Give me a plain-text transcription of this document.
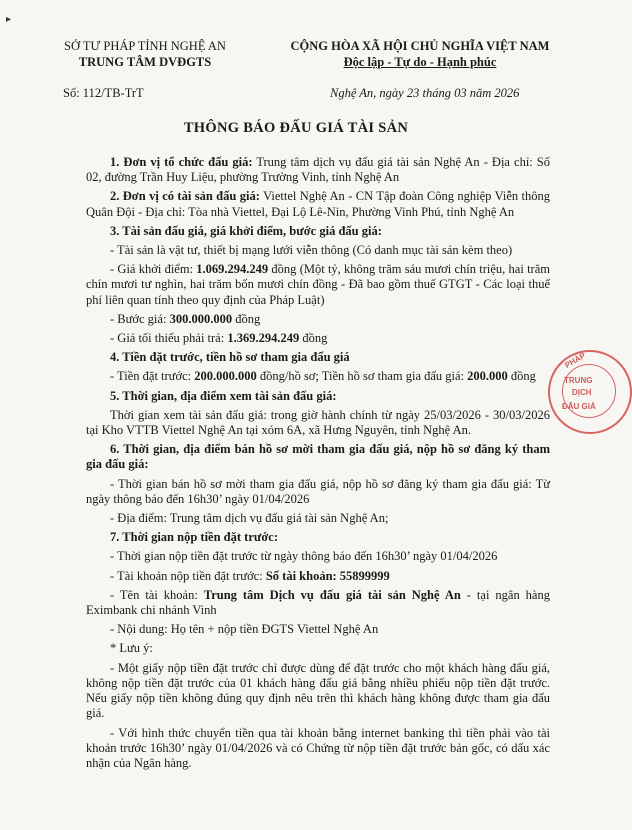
▸
SỞ TƯ PHÁP TỈNH NGHỆ AN
TRUNG TÂM DVĐGTS
CỘNG HÒA XÃ HỘI CHỦ NGHĨA VIỆT NAM
Độc lập - Tự do - Hạnh phúc
Số: 112/TB-TrT	Nghệ An, ngày 23 tháng 03 năm 2026
THÔNG BÁO ĐẤU GIÁ TÀI SẢN

1. Đơn vị tổ chức đấu giá: Trung tâm dịch vụ đấu giá tài sản Nghệ An - Địa chỉ: Số 02, đường Trần Huy Liệu, phường Trường Vinh, tỉnh Nghệ An

2. Đơn vị có tài sản đấu giá: Viettel Nghệ An - CN Tập đoàn Công nghiệp Viễn thông Quân Đội - Địa chỉ: Tòa nhà Viettel, Đại Lộ Lê-Nin, Phường Vinh Phú, tỉnh Nghệ An

3. Tài sản đấu giá, giá khởi điểm, bước giá đấu giá:

- Tài sản là vật tư, thiết bị mạng lưới viễn thông (Có danh mục tài sản kèm theo)

- Giá khởi điểm: 1.069.294.249 đồng (Một tỷ, không trăm sáu mươi chín triệu, hai trăm chín mươi tư nghìn, hai trăm bốn mươi chín đồng - Đã bao gồm thuế GTGT - Các loại thuế phí liên quan tính theo quy định của Pháp Luật)

- Bước giá: 300.000.000 đồng

- Giá tối thiểu phải trả: 1.369.294.249 đồng

4. Tiền đặt trước, tiền hồ sơ tham gia đấu giá

- Tiền đặt trước: 200.000.000 đồng/hồ sơ; Tiền hồ sơ tham gia đấu giá: 200.000 đồng

5. Thời gian, địa điểm xem tài sản đấu giá:

Thời gian xem tài sản đấu giá: trong giờ hành chính từ ngày 25/03/2026 - 30/03/2026 tại Kho VTTB Viettel Nghệ An tại xóm 6A, xã Hưng Nguyên, tỉnh Nghệ An.

6. Thời gian, địa điểm bán hồ sơ mời tham gia đấu giá, nộp hồ sơ đăng ký tham gia đấu giá:

- Thời gian bán hồ sơ mời tham gia đấu giá, nộp hồ sơ đăng ký tham gia đấu giá: Từ ngày thông báo đến 16h30’ ngày 01/04/2026

- Địa điểm: Trung tâm dịch vụ đấu giá tài sản Nghệ An;

7. Thời gian nộp tiền đặt trước:

- Thời gian nộp tiền đặt trước từ ngày thông báo đến 16h30’ ngày 01/04/2026

- Tài khoản nộp tiền đặt trước: Số tài khoản: 55899999

- Tên tài khoản: Trung tâm Dịch vụ đấu giá tài sản Nghệ An - tại ngân hàng Eximbank chi nhánh Vinh

- Nội dung: Họ tên + nộp tiền ĐGTS Viettel Nghệ An

* Lưu ý:

- Một giấy nộp tiền đặt trước chỉ được dùng để đặt trước cho một khách hàng đấu giá, không nộp tiền đặt trước của 01 khách hàng đấu giá bằng nhiều phiếu nộp tiền đặt trước. Nếu giấy nộp tiền không đúng quy định nêu trên thì khách hàng không được tham gia đấu giá.

- Với hình thức chuyển tiền qua tài khoản bằng internet banking thì tiền phải vào tài khoản trước 16h30’ ngày 01/04/2026 và có Chứng từ nộp tiền đặt trước bản gốc, có dấu xác nhận của Ngân hàng.

PHÁP
TRUNG
DỊCH
ĐẤU GIÁ
